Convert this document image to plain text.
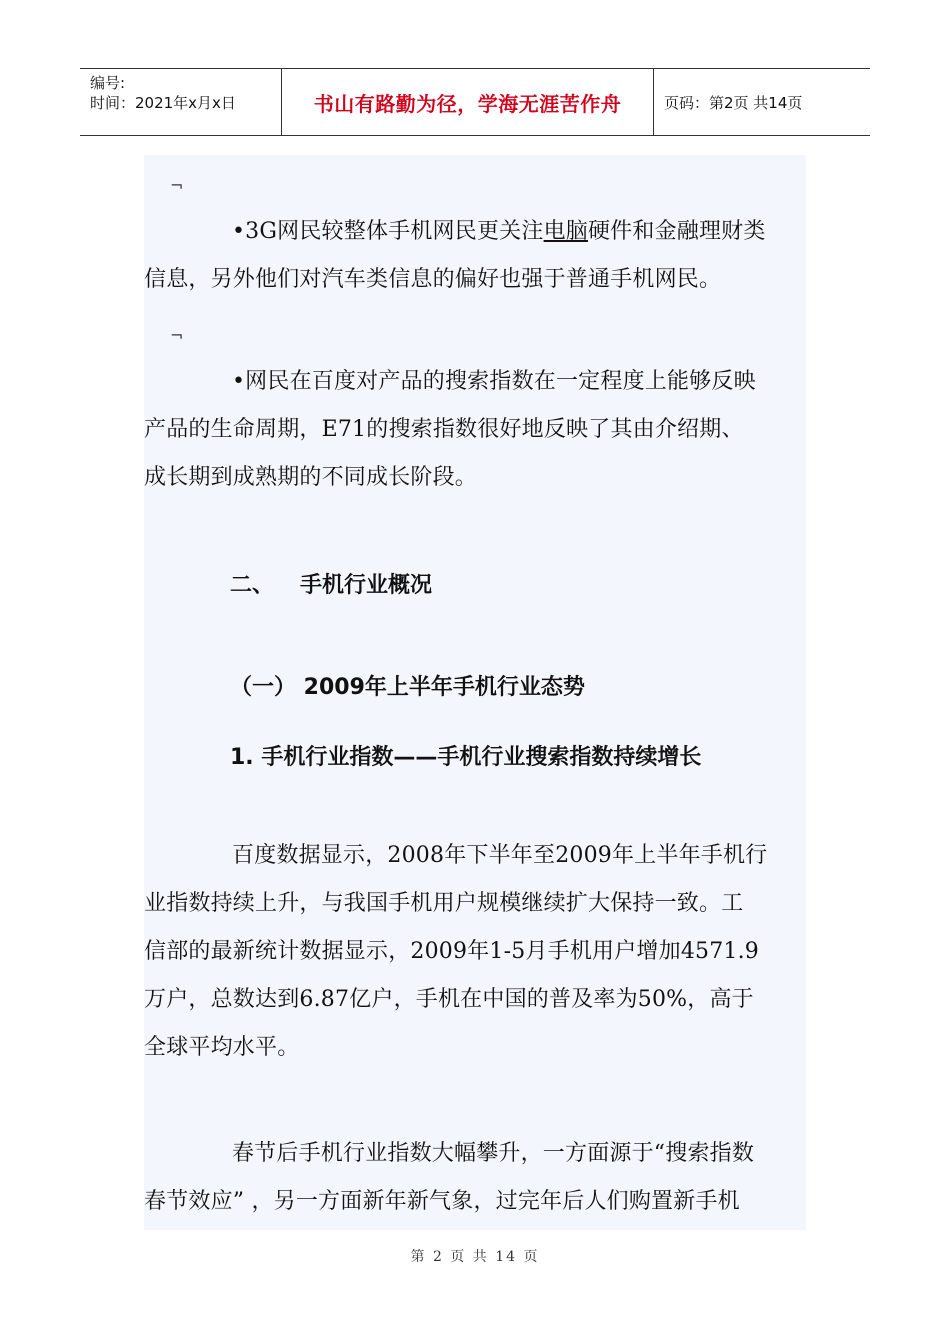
编号:
时间：2021年x月x日	书山有路勤为径，学海无涯苦作舟	页码：第2页 共14页
¬

•3G网民较整体手机网民更关注电脑硬件和金融理财类
信息，另外他们对汽车类信息的偏好也强于普通手机网民。

¬

•网民在百度对产品的搜索指数在一定程度上能够反映
产品的生命周期，E71的搜索指数很好地反映了其由介绍期、
成长期到成熟期的不同成长阶段。

二、 手机行业概况
（一） 2009年上半年手机行业态势
1. 手机行业指数——手机行业搜索指数持续增长

百度数据显示，2008年下半年至2009年上半年手机行
业指数持续上升，与我国手机用户规模继续扩大保持一致。工
信部的最新统计数据显示，2009年1-5月手机用户增加4571.9
万户，总数达到6.87亿户，手机在中国的普及率为50%，高于
全球平均水平。

春节后手机行业指数大幅攀升，一方面源于“搜索指数
春节效应” ，另一方面新年新气象，过完年后人们购置新手机

第 2 页 共 14 页
